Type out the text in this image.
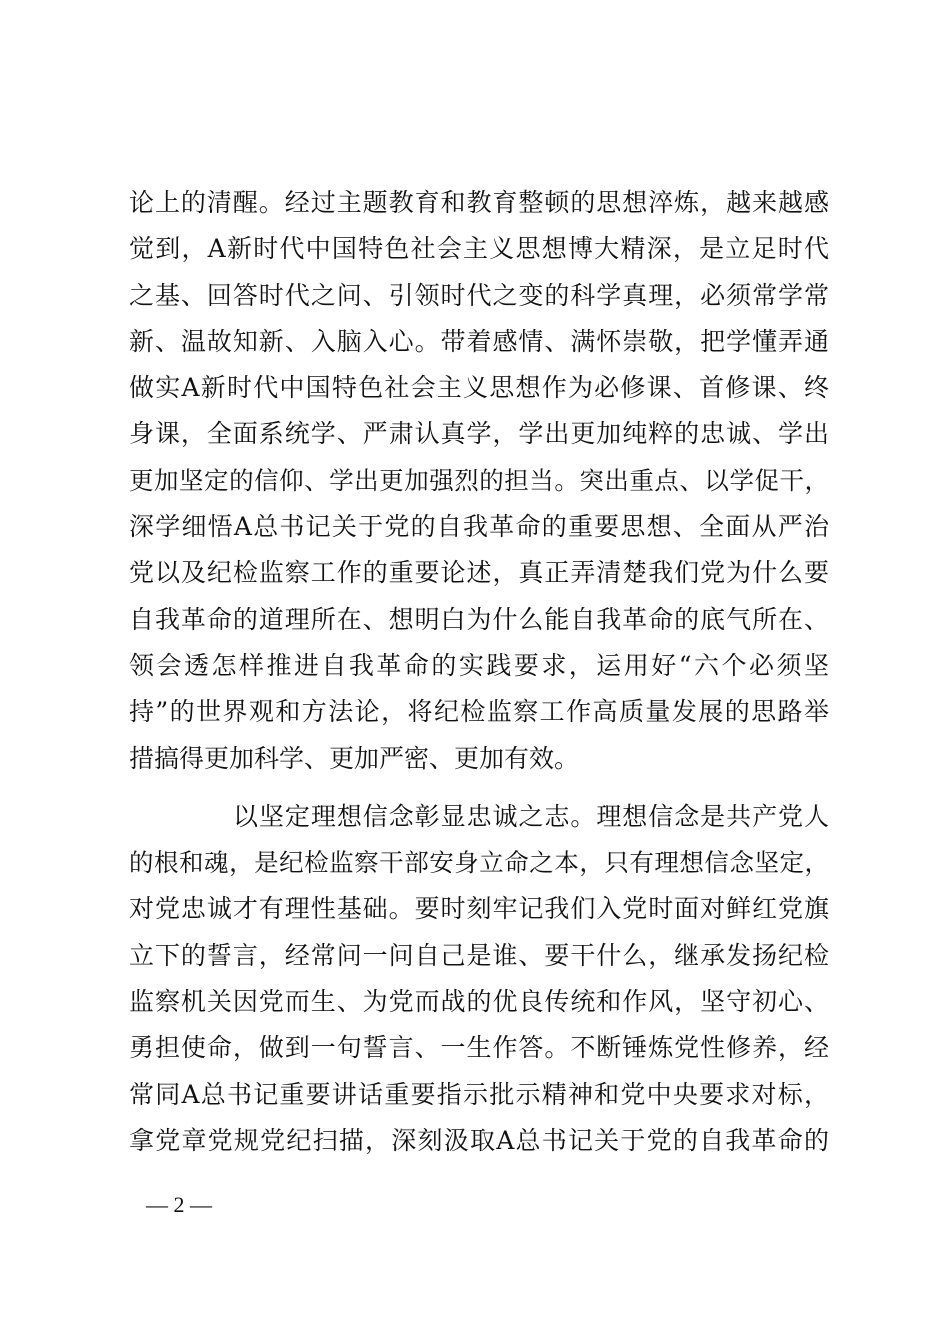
论上的清醒。经过主题教育和教育整顿的思想淬炼，越来越感
觉到，A新时代中国特色社会主义思想博大精深，是立足时代
之基、回答时代之问、引领时代之变的科学真理，必须常学常
新、温故知新、入脑入心。带着感情、满怀崇敬，把学懂弄通
做实A新时代中国特色社会主义思想作为必修课、首修课、终
身课，全面系统学、严肃认真学，学出更加纯粹的忠诚、学出
更加坚定的信仰、学出更加强烈的担当。突出重点、以学促干，
深学细悟A总书记关于党的自我革命的重要思想、全面从严治
党以及纪检监察工作的重要论述，真正弄清楚我们党为什么要
自我革命的道理所在、想明白为什么能自我革命的底气所在、
领会透怎样推进自我革命的实践要求，运用好“六个必须坚
持”的世界观和方法论，将纪检监察工作高质量发展的思路举
措搞得更加科学、更加严密、更加有效。
以坚定理想信念彰显忠诚之志。理想信念是共产党人
的根和魂，是纪检监察干部安身立命之本，只有理想信念坚定，
对党忠诚才有理性基础。要时刻牢记我们入党时面对鲜红党旗
立下的誓言，经常问一问自己是谁、要干什么，继承发扬纪检
监察机关因党而生、为党而战的优良传统和作风，坚守初心、
勇担使命，做到一句誓言、一生作答。不断锤炼党性修养，经
常同A总书记重要讲话重要指示批示精神和党中央要求对标，
拿党章党规党纪扫描，深刻汲取A总书记关于党的自我革命的
— 2 —
